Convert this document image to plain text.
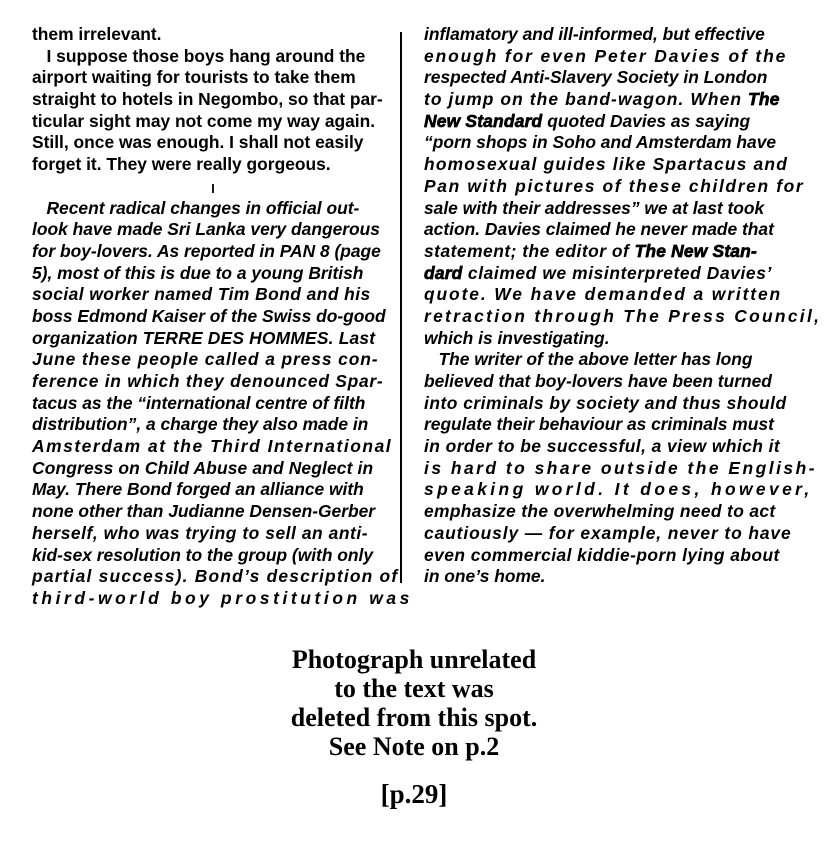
them irrelevant.
I suppose those boys hang around the
airport waiting for tourists to take them
straight to hotels in Negombo, so that par-
ticular sight may not come my way again.
Still, once was enough. I shall not easily
forget it. They were really gorgeous.
Recent radical changes in official out-
look have made Sri Lanka very dangerous
for boy-lovers. As reported in PAN 8 (page
5), most of this is due to a young British
social worker named Tim Bond and his
boss Edmond Kaiser of the Swiss do-good
organization TERRE DES HOMMES. Last
June these people called a press con-
ference in which they denounced Spar-
tacus as the “international centre of filth
distribution”, a charge they also made in
Amsterdam at the Third International
Congress on Child Abuse and Neglect in
May. There Bond forged an alliance with
none other than Judianne Densen-Gerber
herself, who was trying to sell an anti-
kid-sex resolution to the group (with only
partial success). Bond’s description of
third-world boy prostitution was
inflamatory and ill-informed, but effective
enough for even Peter Davies of the
respected Anti-Slavery Society in London
to jump on the band-wagon. When The
New Standard quoted Davies as saying
“porn shops in Soho and Amsterdam have
homosexual guides like Spartacus and
Pan with pictures of these children for
sale with their addresses” we at last took
action. Davies claimed he never made that
statement; the editor of The New Stan-
dard claimed we misinterpreted Davies’
quote. We have demanded a written
retraction through The Press Council,
which is investigating.
The writer of the above letter has long
believed that boy-lovers have been turned
into criminals by society and thus should
regulate their behaviour as criminals must
in order to be successful, a view which it
is hard to share outside the English-
speaking world. It does, however,
emphasize the overwhelming need to act
cautiously — for example, never to have
even commercial kiddie-porn lying about
in one’s home.
Photograph unrelated
to the text was
deleted from this spot.
See Note on p.2
[p.29]
